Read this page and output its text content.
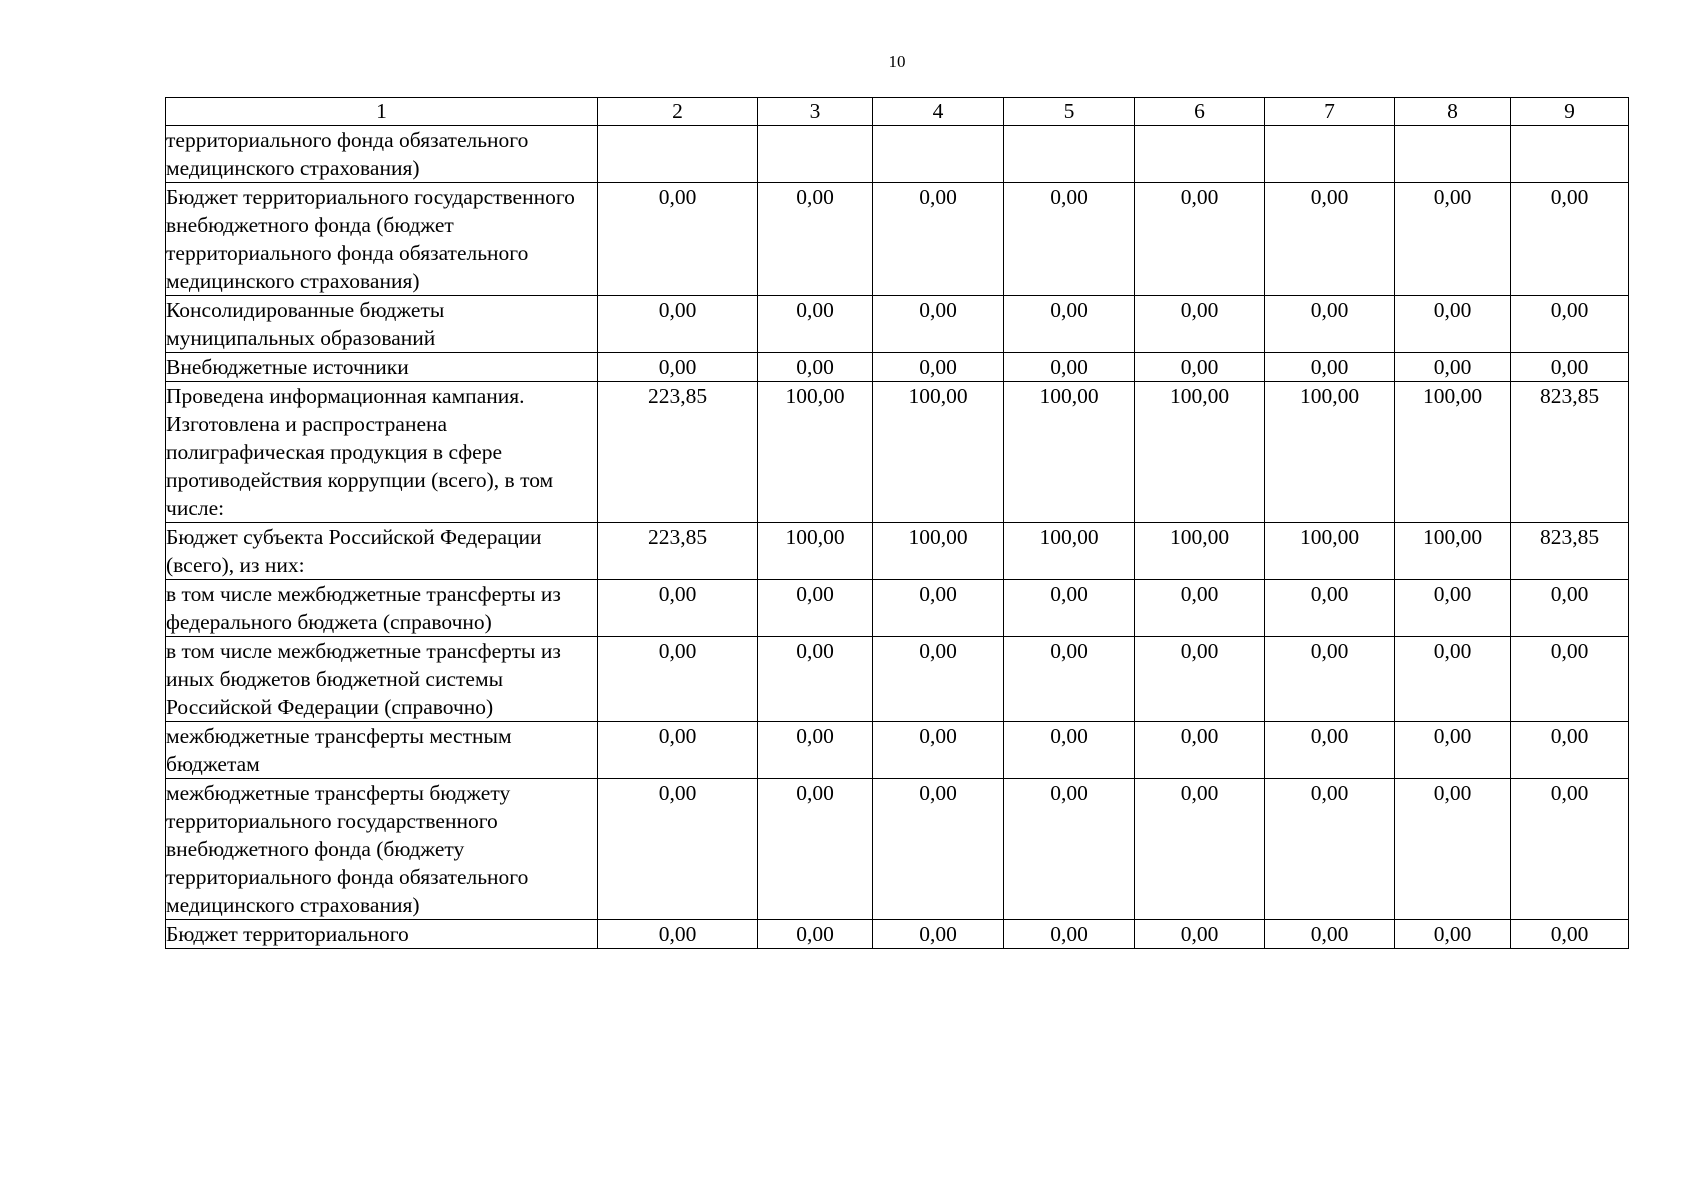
10
1	2	3	4	5	6	7	8	9
территориального фонда обязательного медицинского страхования)								
Бюджет территориального государственного внебюджетного фонда (бюджет территориального фонда обязательного медицинского страхования)	0,00	0,00	0,00	0,00	0,00	0,00	0,00	0,00
Консолидированные бюджеты муниципальных образований	0,00	0,00	0,00	0,00	0,00	0,00	0,00	0,00
Внебюджетные источники	0,00	0,00	0,00	0,00	0,00	0,00	0,00	0,00
Проведена информационная кампания. Изготовлена и распространена полиграфическая продукция в сфере противодействия коррупции (всего), в том числе:	223,85	100,00	100,00	100,00	100,00	100,00	100,00	823,85
Бюджет субъекта Российской Федерации (всего), из них:	223,85	100,00	100,00	100,00	100,00	100,00	100,00	823,85
в том числе межбюджетные трансферты из федерального бюджета (справочно)	0,00	0,00	0,00	0,00	0,00	0,00	0,00	0,00
в том числе межбюджетные трансферты из иных бюджетов бюджетной системы Российской Федерации (справочно)	0,00	0,00	0,00	0,00	0,00	0,00	0,00	0,00
межбюджетные трансферты местным бюджетам	0,00	0,00	0,00	0,00	0,00	0,00	0,00	0,00
межбюджетные трансферты бюджету территориального государственного внебюджетного фонда (бюджету территориального фонда обязательного медицинского страхования)	0,00	0,00	0,00	0,00	0,00	0,00	0,00	0,00
Бюджет территориального	0,00	0,00	0,00	0,00	0,00	0,00	0,00	0,00
